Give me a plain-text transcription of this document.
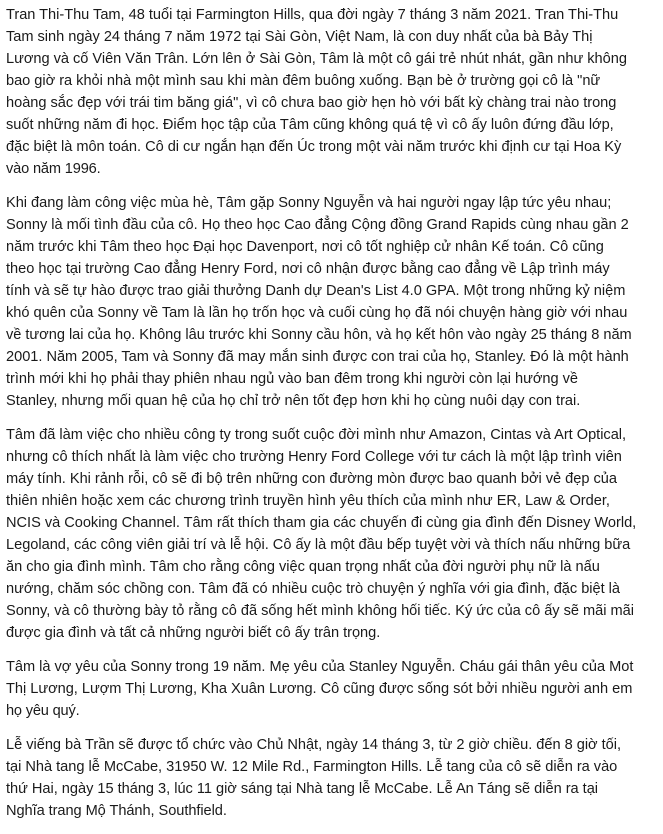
Tran Thi-Thu Tam, 48 tuổi tại Farmington Hills, qua đời ngày 7 tháng 3 năm 2021. Tran Thi-Thu
Tam sinh ngày 24 tháng 7 năm 1972 tại Sài Gòn, Việt Nam, là con duy nhất của bà Bảy Thị
Lương và cố Viên Văn Trân. Lớn lên ở Sài Gòn, Tâm là một cô gái trẻ nhút nhát, gần như không
bao giờ ra khỏi nhà một mình sau khi màn đêm buông xuống. Bạn bè ở trường gọi cô là "nữ
hoàng sắc đẹp với trái tim băng giá", vì cô chưa bao giờ hẹn hò với bất kỳ chàng trai nào trong
suốt những năm đi học. Điểm học tập của Tâm cũng không quá tệ vì cô ấy luôn đứng đầu lớp,
đặc biệt là môn toán. Cô di cư ngắn hạn đến Úc trong một vài năm trước khi định cư tại Hoa Kỳ
vào năm 1996.

Khi đang làm công việc mùa hè, Tâm gặp Sonny Nguyễn và hai người ngay lập tức yêu nhau;
Sonny là mối tình đầu của cô. Họ theo học Cao đẳng Cộng đồng Grand Rapids cùng nhau gần 2
năm trước khi Tâm theo học Đại học Davenport, nơi cô tốt nghiệp cử nhân Kế toán. Cô cũng
theo học tại trường Cao đẳng Henry Ford, nơi cô nhận được bằng cao đẳng về Lập trình máy
tính và sẽ tự hào được trao giải thưởng Danh dự Dean's List 4.0 GPA. Một trong những kỷ niệm
khó quên của Sonny về Tam là lần họ trốn học và cuối cùng họ đã nói chuyện hàng giờ với nhau
về tương lai của họ. Không lâu trước khi Sonny cầu hôn, và họ kết hôn vào ngày 25 tháng 8 năm
2001. Năm 2005, Tam và Sonny đã may mắn sinh được con trai của họ, Stanley. Đó là một hành
trình mới khi họ phải thay phiên nhau ngủ vào ban đêm trong khi người còn lại hướng về
Stanley, nhưng mối quan hệ của họ chỉ trở nên tốt đẹp hơn khi họ cùng nuôi dạy con trai.

Tâm đã làm việc cho nhiều công ty trong suốt cuộc đời mình như Amazon, Cintas và Art Optical,
nhưng cô thích nhất là làm việc cho trường Henry Ford College với tư cách là một lập trình viên
máy tính. Khi rảnh rỗi, cô sẽ đi bộ trên những con đường mòn được bao quanh bởi vẻ đẹp của
thiên nhiên hoặc xem các chương trình truyền hình yêu thích của mình như ER, Law & Order,
NCIS và Cooking Channel. Tâm rất thích tham gia các chuyến đi cùng gia đình đến Disney World,
Legoland, các công viên giải trí và lễ hội. Cô ấy là một đầu bếp tuyệt vời và thích nấu những bữa
ăn cho gia đình mình. Tâm cho rằng công việc quan trọng nhất của đời người phụ nữ là nấu
nướng, chăm sóc chồng con. Tâm đã có nhiều cuộc trò chuyện ý nghĩa với gia đình, đặc biệt là
Sonny, và cô thường bày tỏ rằng cô đã sống hết mình không hối tiếc. Ký ức của cô ấy sẽ mãi mãi
được gia đình và tất cả những người biết cô ấy trân trọng.

Tâm là vợ yêu của Sonny trong 19 năm. Mẹ yêu của Stanley Nguyễn. Cháu gái thân yêu của Mot
Thị Lương, Lượm Thị Lương, Kha Xuân Lương. Cô cũng được sống sót bởi nhiều người anh em
họ yêu quý.

Lễ viếng bà Trần sẽ được tổ chức vào Chủ Nhật, ngày 14 tháng 3, từ 2 giờ chiều. đến 8 giờ tối,
tại Nhà tang lễ McCabe, 31950 W. 12 Mile Rd., Farmington Hills. Lễ tang của cô sẽ diễn ra vào
thứ Hai, ngày 15 tháng 3, lúc 11 giờ sáng tại Nhà tang lễ McCabe. Lễ An Táng sẽ diễn ra tại
Nghĩa trang Mộ Thánh, Southfield.
